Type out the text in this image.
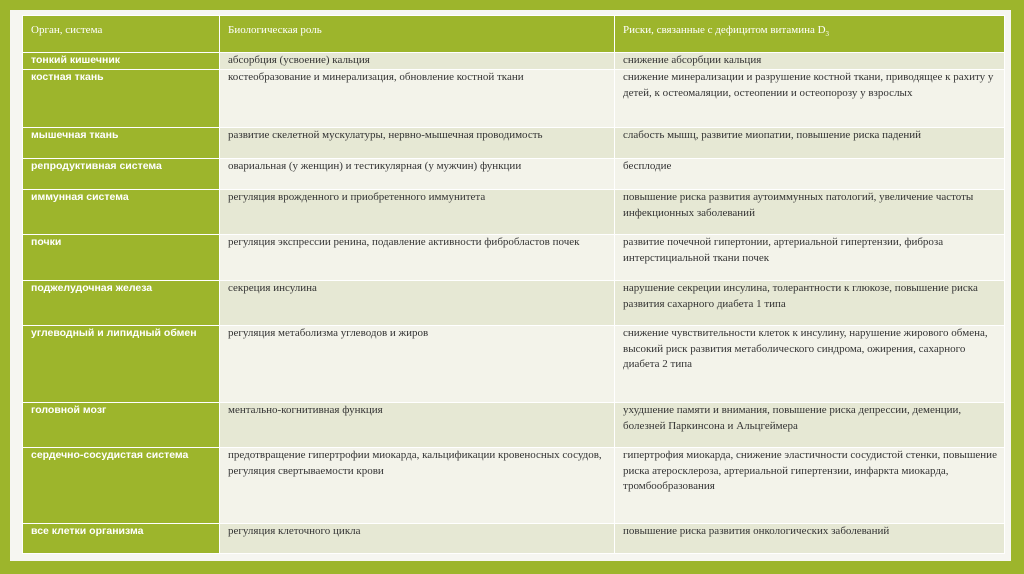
Орган, система	Биологическая роль	Риски, связанные с дефицитом витамина $D_3$
тонкий кишечник	абсорбция (усвоение) кальция	снижение абсорбции кальция
костная ткань	костеобразование и минерализация, обновление костной ткани	снижение минерализации и разрушение костной ткани, приводящее к рахиту у детей, к остеомаляции, остеопении и остеопорозу у взрослых
мышечная ткань	развитие скелетной мускулатуры, нервно-мышечная проводимость	слабость мышц, развитие миопатии, повышение риска падений
репродуктивная система	овариальная (у женщин) и тестикулярная (у мужчин) функции	бесплодие
иммунная система	регуляция врожденного и приобретенного иммунитета	повышение риска развития аутоиммунных патологий, увеличение частоты инфекционных заболеваний
почки	регуляция экспрессии ренина, подавление активности фибробластов почек	развитие почечной гипертонии, артериальной гипертензии, фиброза интерстициальной ткани почек
поджелудочная железа	секреция инсулина	нарушение секреции инсулина, толерантности к глюкозе, повышение риска развития сахарного диабета 1 типа
углеводный и липидный обмен	регуляция метаболизма углеводов и жиров	снижение чувствительности клеток к инсулину, нарушение жирового обмена, высокий риск развития метаболического синдрома, ожирения, сахарного диабета 2 типа
головной мозг	ментально-когнитивная функция	ухудшение памяти и внимания, повышение риска депрессии, деменции, болезней Паркинсона и Альцгеймера
сердечно-сосудистая система	предотвращение гипертрофии миокарда, кальцификации кровеносных сосудов, регуляция свертываемости крови	гипертрофия миокарда, снижение эластичности сосудистой стенки, повышение риска атеросклероза, артериальной гипертензии, инфаркта миокарда, тромбообразования
все клетки организма	регуляция клеточного цикла	повышение риска развития онкологических заболеваний
